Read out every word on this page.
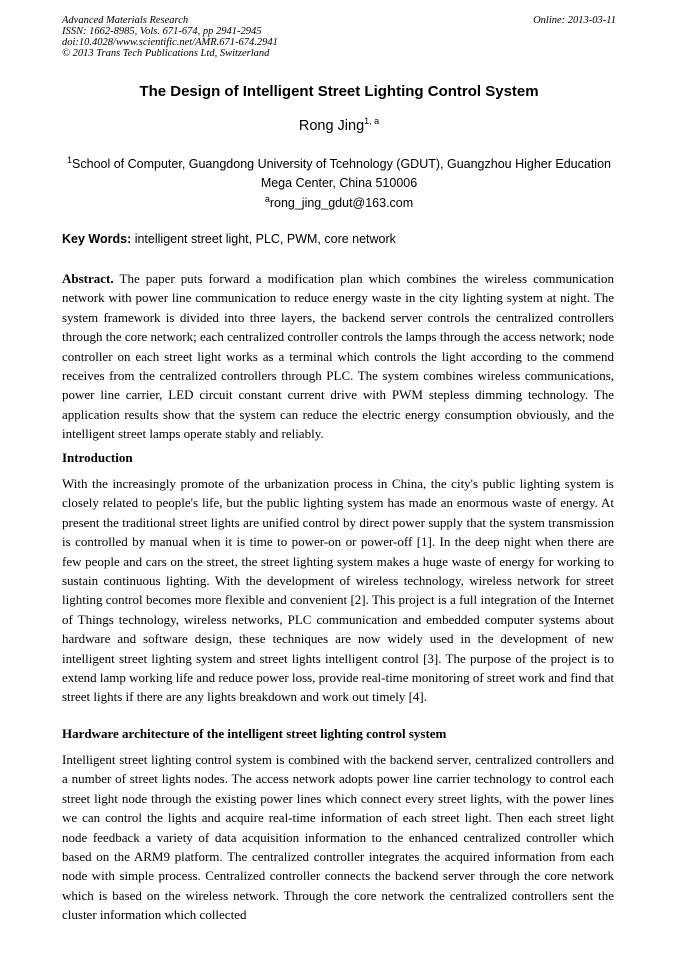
Advanced Materials Research
ISSN: 1662-8985, Vols. 671-674, pp 2941-2945
doi:10.4028/www.scientific.net/AMR.671-674.2941
© 2013 Trans Tech Publications Ltd, Switzerland
Online: 2013-03-11
The Design of Intelligent Street Lighting Control System
Rong Jing$^{1, a}$
$^1$School of Computer, Guangdong University of Tcehnology (GDUT), Guangzhou Higher Education
Mega Center, China 510006
$^a$rong_jing_gdut@163.com
Key Words: intelligent street light, PLC, PWM, core network
Abstract. The paper puts forward a modification plan which combines the wireless communication network with power line communication to reduce energy waste in the city lighting system at night. The system framework is divided into three layers, the backend server controls the centralized controllers through the core network; each centralized controller controls the lamps through the access network; node controller on each street light works as a terminal which controls the light according to the commend receives from the centralized controllers through PLC. The system combines wireless communications, power line carrier, LED circuit constant current drive with PWM stepless dimming technology. The application results show that the system can reduce the electric energy consumption obviously, and the intelligent street lamps operate stably and reliably.
Introduction
With the increasingly promote of the urbanization process in China, the city's public lighting system is closely related to people's life, but the public lighting system has made an enormous waste of energy. At present the traditional street lights are unified control by direct power supply that the system transmission is controlled by manual when it is time to power-on or power-off [1]. In the deep night when there are few people and cars on the street, the street lighting system makes a huge waste of energy for working to sustain continuous lighting. With the development of wireless technology, wireless network for street lighting control becomes more flexible and convenient [2]. This project is a full integration of the Internet of Things technology, wireless networks, PLC communication and embedded computer systems about hardware and software design, these techniques are now widely used in the development of new intelligent street lighting system and street lights intelligent control [3]. The purpose of the project is to extend lamp working life and reduce power loss, provide real-time monitoring of street work and find that street lights if there are any lights breakdown and work out timely [4].
Hardware architecture of the intelligent street lighting control system
Intelligent street lighting control system is combined with the backend server, centralized controllers and a number of street lights nodes. The access network adopts power line carrier technology to control each street light node through the existing power lines which connect every street lights, with the power lines we can control the lights and acquire real-time information of each street light. Then each street light node feedback a variety of data acquisition information to the enhanced centralized controller which based on the ARM9 platform. The centralized controller integrates the acquired information from each node with simple process. Centralized controller connects the backend server through the core network which is based on the wireless network. Through the core network the centralized controllers sent the cluster information which collected
